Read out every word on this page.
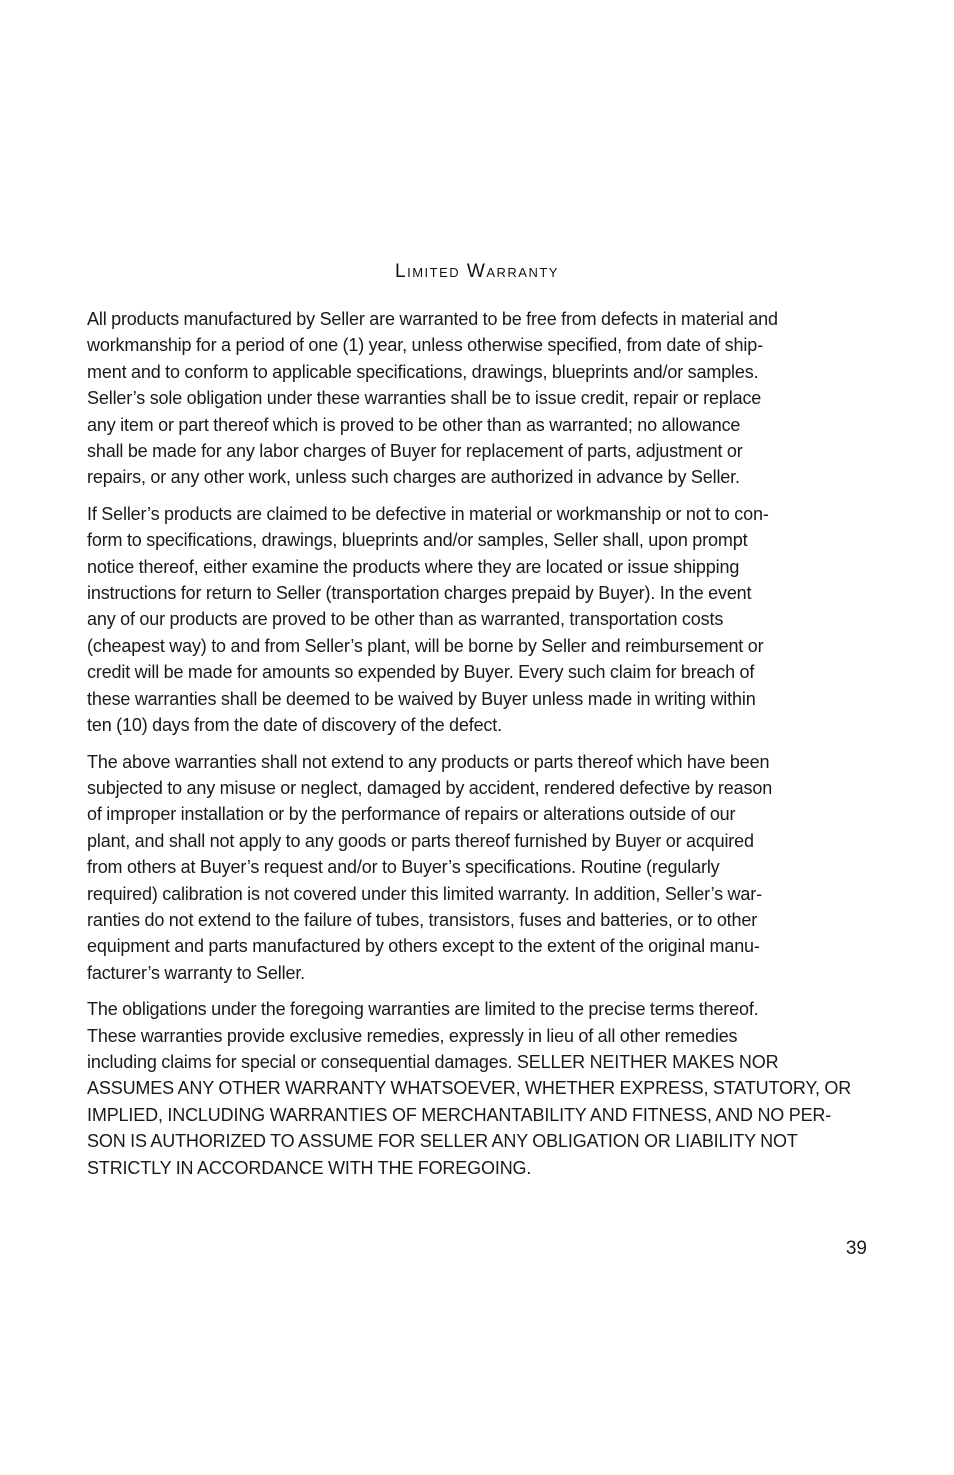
Limited Warranty

All products manufactured by Seller are warranted to be free from defects in material and
workmanship for a period of one (1) year, unless otherwise specified, from date of ship-
ment and to conform to applicable specifications, drawings, blueprints and/or samples.
Seller’s sole obligation under these warranties shall be to issue credit, repair or replace
any item or part thereof which is proved to be other than as warranted; no allowance
shall be made for any labor charges of Buyer for replacement of parts, adjustment or
repairs, or any other work, unless such charges are authorized in advance by Seller.

If Seller’s products are claimed to be defective in material or workmanship or not to con-
form to specifications, drawings, blueprints and/or samples, Seller shall, upon prompt
notice thereof, either examine the products where they are located or issue shipping
instructions for return to Seller (transportation charges prepaid by Buyer). In the event
any of our products are proved to be other than as warranted, transportation costs
(cheapest way) to and from Seller’s plant, will be borne by Seller and reimbursement or
credit will be made for amounts so expended by Buyer. Every such claim for breach of
these warranties shall be deemed to be waived by Buyer unless made in writing within
ten (10) days from the date of discovery of the defect.

The above warranties shall not extend to any products or parts thereof which have been
subjected to any misuse or neglect, damaged by accident, rendered defective by reason
of improper installation or by the performance of repairs or alterations outside of our
plant, and shall not apply to any goods or parts thereof furnished by Buyer or acquired
from others at Buyer’s request and/or to Buyer’s specifications. Routine (regularly
required) calibration is not covered under this limited warranty. In addition, Seller’s war-
ranties do not extend to the failure of tubes, transistors, fuses and batteries, or to other
equipment and parts manufactured by others except to the extent of the original manu-
facturer’s warranty to Seller.

The obligations under the foregoing warranties are limited to the precise terms thereof.
These warranties provide exclusive remedies, expressly in lieu of all other remedies
including claims for special or consequential damages. SELLER NEITHER MAKES NOR
ASSUMES ANY OTHER WARRANTY WHATSOEVER, WHETHER EXPRESS, STATUTORY, OR
IMPLIED, INCLUDING WARRANTIES OF MERCHANTABILITY AND FITNESS, AND NO PER-
SON IS AUTHORIZED TO ASSUME FOR SELLER ANY OBLIGATION OR LIABILITY NOT
STRICTLY IN ACCORDANCE WITH THE FOREGOING.

39
